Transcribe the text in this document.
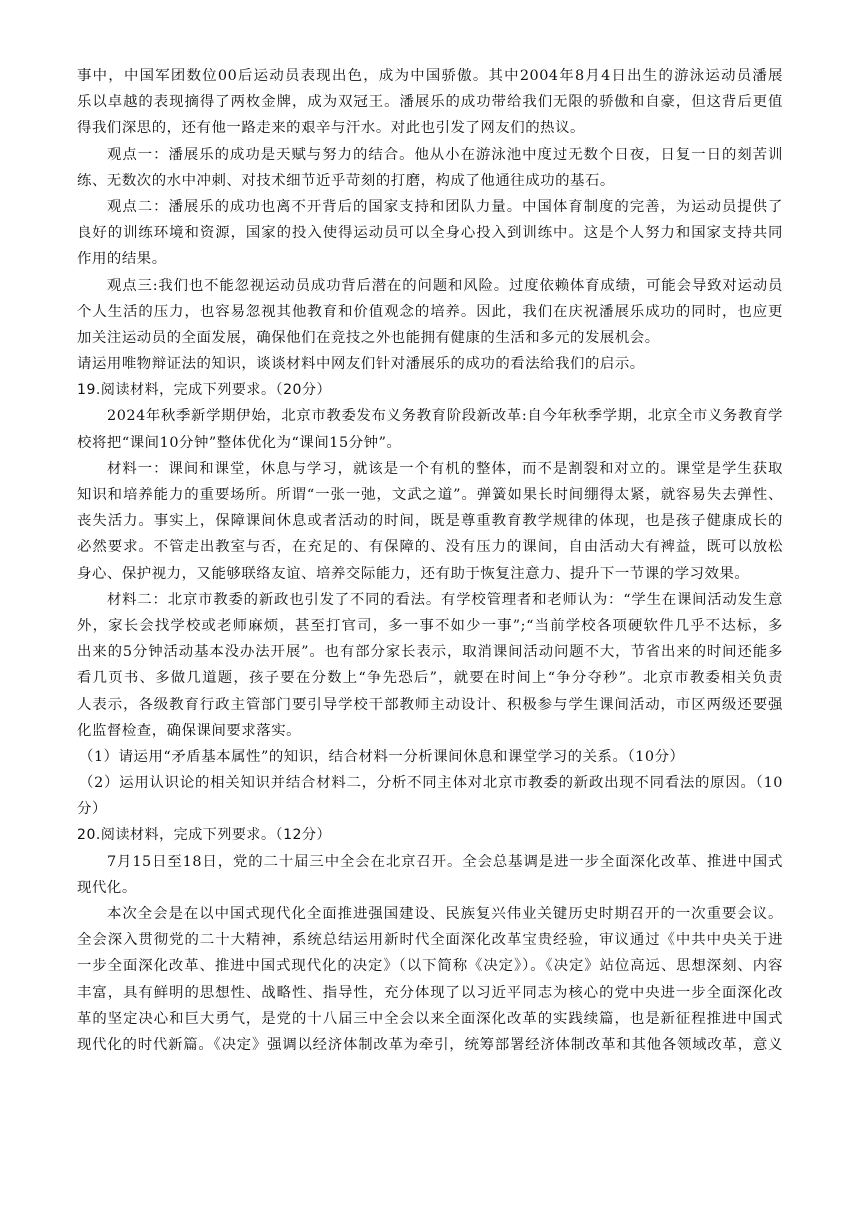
事中，中国军团数位00后运动员表现出色，成为中国骄傲。其中2004年8月4日出生的游泳运动员潘展
乐以卓越的表现摘得了两枚金牌，成为双冠王。潘展乐的成功带给我们无限的骄傲和自豪，但这背后更值
得我们深思的，还有他一路走来的艰辛与汗水。对此也引发了网友们的热议。
观点一：潘展乐的成功是天赋与努力的结合。他从小在游泳池中度过无数个日夜，日复一日的刻苦训
练、无数次的水中冲刺、对技术细节近乎苛刻的打磨，构成了他通往成功的基石。
观点二：潘展乐的成功也离不开背后的国家支持和团队力量。中国体育制度的完善，为运动员提供了
良好的训练环境和资源，国家的投入使得运动员可以全身心投入到训练中。这是个人努力和国家支持共同
作用的结果。
观点三:我们也不能忽视运动员成功背后潜在的问题和风险。过度依赖体育成绩，可能会导致对运动员
个人生活的压力，也容易忽视其他教育和价值观念的培养。因此，我们在庆祝潘展乐成功的同时，也应更
加关注运动员的全面发展，确保他们在竞技之外也能拥有健康的生活和多元的发展机会。
请运用唯物辩证法的知识，谈谈材料中网友们针对潘展乐的成功的看法给我们的启示。
19.阅读材料，完成下列要求。（20分）
2024年秋季新学期伊始，北京市教委发布义务教育阶段新改革:自今年秋季学期，北京全市义务教育学
校将把“课间10分钟”整体优化为“课间15分钟”。
材料一：课间和课堂，休息与学习，就该是一个有机的整体，而不是割裂和对立的。课堂是学生获取
知识和培养能力的重要场所。所谓“一张一弛，文武之道”。弹簧如果长时间绷得太紧，就容易失去弹性、
丧失活力。事实上，保障课间休息或者活动的时间，既是尊重教育教学规律的体现，也是孩子健康成长的
必然要求。不管走出教室与否，在充足的、有保障的、没有压力的课间，自由活动大有裨益，既可以放松
身心、保护视力，又能够联络友谊、培养交际能力，还有助于恢复注意力、提升下一节课的学习效果。
材料二：北京市教委的新政也引发了不同的看法。有学校管理者和老师认为：“学生在课间活动发生意
外，家长会找学校或老师麻烦，甚至打官司，多一事不如少一事”;“当前学校各项硬软件几乎不达标，多
出来的5分钟活动基本没办法开展”。也有部分家长表示，取消课间活动问题不大，节省出来的时间还能多
看几页书、多做几道题，孩子要在分数上“争先恐后”，就要在时间上“争分夺秒”。北京市教委相关负责
人表示，各级教育行政主管部门要引导学校干部教师主动设计、积极参与学生课间活动，市区两级还要强
化监督检查，确保课间要求落实。
（1）请运用“矛盾基本属性”的知识，结合材料一分析课间休息和课堂学习的关系。（10分）
（2）运用认识论的相关知识并结合材料二，分析不同主体对北京市教委的新政出现不同看法的原因。（10
分）
20.阅读材料，完成下列要求。（12分）
7月15日至18日，党的二十届三中全会在北京召开。全会总基调是进一步全面深化改革、推进中国式
现代化。
本次全会是在以中国式现代化全面推进强国建设、民族复兴伟业关键历史时期召开的一次重要会议。
全会深入贯彻党的二十大精神，系统总结运用新时代全面深化改革宝贵经验，审议通过《中共中央关于进
一步全面深化改革、推进中国式现代化的决定》（以下简称《决定》）。《决定》站位高远、思想深刻、内容
丰富，具有鲜明的思想性、战略性、指导性，充分体现了以习近平同志为核心的党中央进一步全面深化改
革的坚定决心和巨大勇气，是党的十八届三中全会以来全面深化改革的实践续篇，也是新征程推进中国式
现代化的时代新篇。《决定》强调以经济体制改革为牵引，统筹部署经济体制改革和其他各领域改革，意义
